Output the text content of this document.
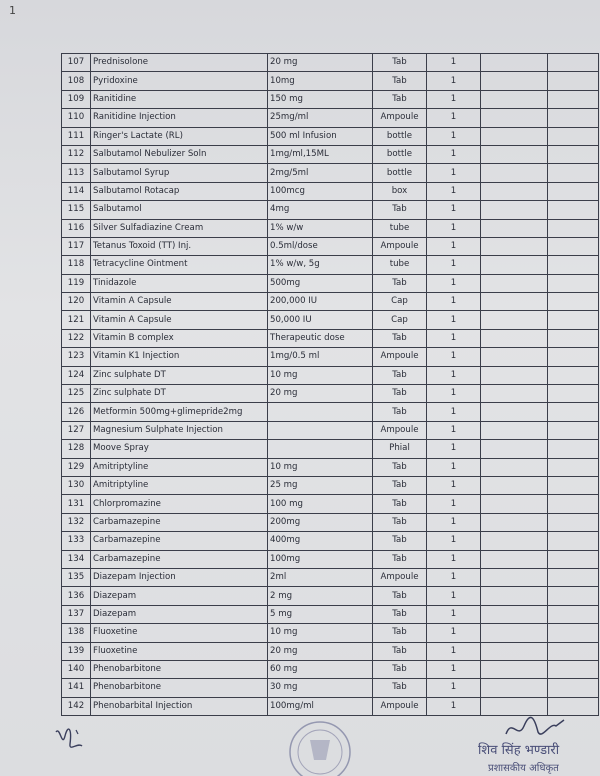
1
107	Prednisolone	20 mg	Tab	1		
108	Pyridoxine	10mg	Tab	1		
109	Ranitidine	150 mg	Tab	1		
110	Ranitidine Injection	25mg/ml	Ampoule	1		
111	Ringer's Lactate (RL)	500 ml Infusion	bottle	1		
112	Salbutamol Nebulizer Soln	1mg/ml,15ML	bottle	1		
113	Salbutamol Syrup	2mg/5ml	bottle	1		
114	Salbutamol Rotacap	100mcg	box	1		
115	Salbutamol	4mg	Tab	1		
116	Silver Sulfadiazine Cream	1% w/w	tube	1		
117	Tetanus Toxoid (TT) Inj.	0.5ml/dose	Ampoule	1		
118	Tetracycline Ointment	1% w/w, 5g	tube	1		
119	Tinidazole	500mg	Tab	1		
120	Vitamin A Capsule	200,000 IU	Cap	1		
121	Vitamin A Capsule	50,000 IU	Cap	1		
122	Vitamin B complex	Therapeutic dose	Tab	1		
123	Vitamin K1 Injection	1mg/0.5 ml	Ampoule	1		
124	Zinc sulphate DT	10 mg	Tab	1		
125	Zinc sulphate DT	20 mg	Tab	1		
126	Metformin 500mg+glimepride2mg		Tab	1		
127	Magnesium Sulphate Injection		Ampoule	1		
128	Moove Spray		Phial	1		
129	Amitriptyline	10 mg	Tab	1		
130	Amitriptyline	25 mg	Tab	1		
131	Chlorpromazine	100 mg	Tab	1		
132	Carbamazepine	200mg	Tab	1		
133	Carbamazepine	400mg	Tab	1		
134	Carbamazepine	100mg	Tab	1		
135	Diazepam Injection	2ml	Ampoule	1		
136	Diazepam	2 mg	Tab	1		
137	Diazepam	5 mg	Tab	1		
138	Fluoxetine	10 mg	Tab	1		
139	Fluoxetine	20 mg	Tab	1		
140	Phenobarbitone	60 mg	Tab	1		
141	Phenobarbitone	30 mg	Tab	1		
142	Phenobarbital Injection	100mg/ml	Ampoule	1		
शिव सिंह भण्डारी
प्रशासकीय अधिकृत
